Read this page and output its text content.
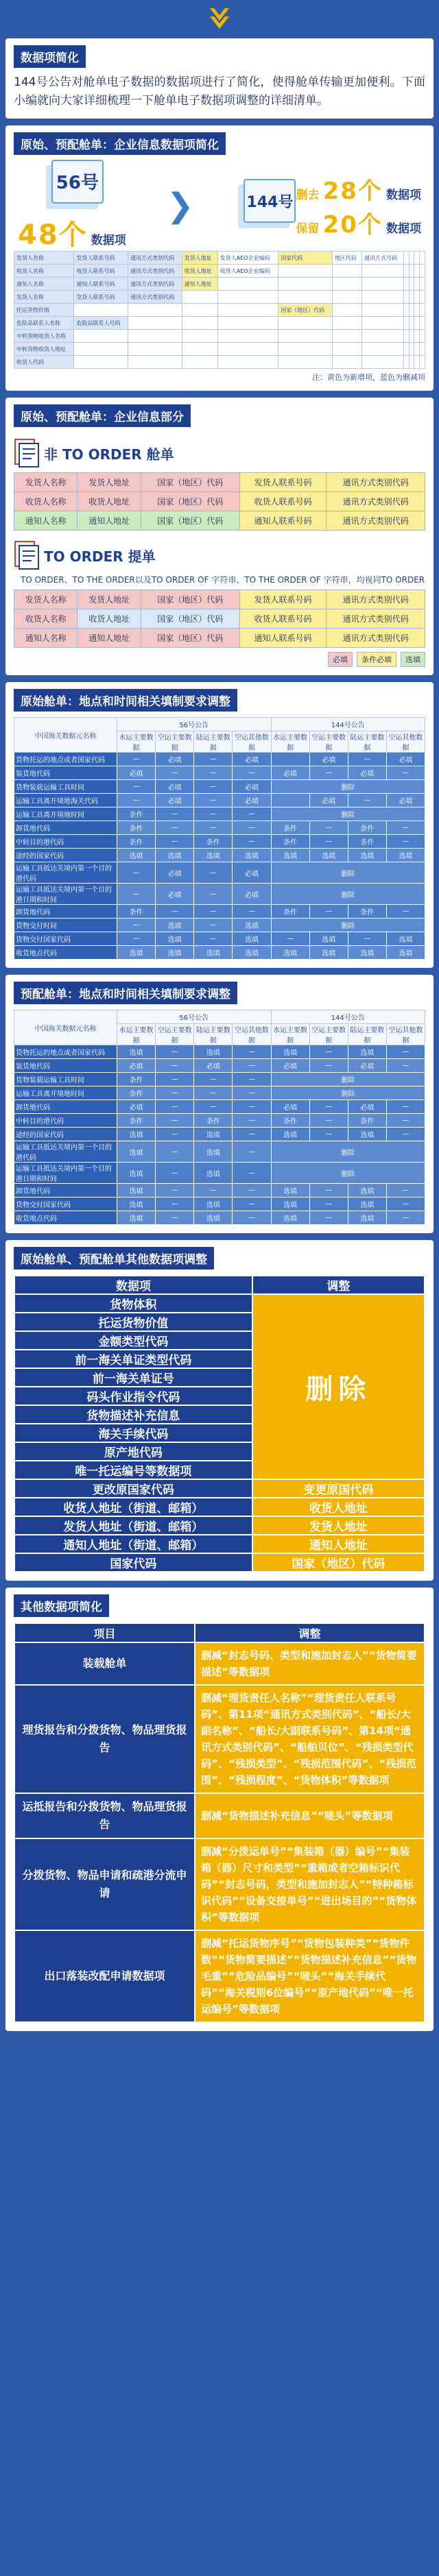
数据项简化
144号公告对舱单电子数据的数据项进行了简化，使得舱单传输更加便利。下面小编就向大家详细梳理一下舱单电子数据项调整的详细清单。
原始、预配舱单：企业信息数据项简化
56号
48个 数据项
❯	144号 删去 28个 数据项
保留 20个 数据项
发货人名称	发货人联系号码	通讯方式类别代码	发货人地址	发货人AEO企业编码	国家代码	地区代码	通讯方式号码				
收货人名称	收货人联系号码	通讯方式类别代码	收货人地址	收货人AEO企业编码							
通知人名称	通知人联系号码	通讯方式类别代码	通知人地址								
发货人名称	发货人联系号码	通讯方式类别代码									
托运货物价值					国家（地区）代码						
危险品联系人名称	危险品联系人号码										
中转货物收货人名称											
中转货物收货人地址											
收货人代码											
注：黄色为新增项，蓝色为删减项
原始、预配舱单：企业信息部分
非 TO ORDER 舱单
发货人名称	发货人地址	国家（地区）代码	发货人联系号码	通讯方式类别代码
收货人名称	收货人地址	国家（地区）代码	收货人联系号码	通讯方式类别代码
通知人名称	通知人地址	国家（地区）代码	通知人联系号码	通讯方式类别代码
TO ORDER 提单
TO ORDER、TO THE ORDER以及TO ORDER OF 字符串、TO THE ORDER OF 字符串，均视同TO ORDER
发货人名称	发货人地址	国家（地区）代码	发货人联系号码	通讯方式类别代码
收货人名称	收货人地址	国家（地区）代码	收货人联系号码	通讯方式类别代码
通知人名称	通知人地址	国家（地区）代码	通知人联系号码	通讯方式类别代码
必填	条件必填	选填
原始舱单：地点和时间相关填制要求调整
中国海关数据元名称	56号公告				144号公告			
	水运主要数据	空运主要数据	陆运主要数据	空运其他数据	水运主要数据	空运主要数据	陆运主要数据	空运其他数据
货物托运的地点或者国家代码	—	必填	—	必填		必填	—	必填
装货地代码	必填	—	—	—	必填	—	必填	—
货物装载运输工具时间	—	必填	—	必填	删除			
运输工具离开境地海关代码	—	必填	—	必填		必填	—	必填
运输工具离开境地时间	条件	—	—	—	删除			
卸货地代码	条件	—	—	—	条件	—	条件	—
中转目的港代码	条件	—	条件	—	条件	—	条件	—
途经的国家代码	选填	选填	选填	选填	选填	选填	选填	选填
运输工具抵达关境内第一个目的港代码	—	必填	—	必填	删除			
运输工具抵达关境内第一个目的港日期和时间	—	必填	—	必填	删除			
卸货地代码	条件	—	—	—	条件	—	条件	—
货物交付时间	—	选填	—	选填	删除			
货物交付国家代码	—	选填	—	选填	—	选填	—	选填
收货地点代码	选填	选填	选填	选填	选填	选填	选填	选填
预配舱单：地点和时间相关填制要求调整
中国海关数据元名称	56号公告				144号公告			
	水运主要数据	空运主要数据	陆运主要数据	空运其他数据	水运主要数据	空运主要数据	陆运主要数据	空运其他数据
货物托运的地点或者国家代码	选填	—	选填	—	选填	—	选填	—
装货地代码	必填	—	必填	—	必填	—	必填	—
货物装载运输工具时间	条件	—	—	—	删除			
运输工具离开境地时间	条件	—	—	—	删除			
卸货地代码	必填	—	—	—	必填	—	必填	—
中转目的港代码	条件	—	条件	—	条件	—	条件	—
途经的国家代码	选填	—	选填	—	选填	—	选填	—
运输工具抵达关境内第一个目的港代码	选填	—	选填	—	删除			
运输工具抵达关境内第一个目的港日期和时间	选填	—	选填	—	删除			
卸货地代码	选填	—	—	—	选填	—	选填	—
货物交付国家代码	选填	—	选填	—	选填	—	选填	—
收货地点代码	选填	—	选填	—	选填	—	选填	—
原始舱单、预配舱单其他数据项调整
数据项	调整
货物体积	删除
托运货物价值	
金额类型代码	
前一海关单证类型代码	
前一海关单证号	
码头作业指令代码	
货物描述补充信息	
海关手续代码	
原产地代码	
唯一托运编号等数据项	
更改原国家代码	变更原国代码
收货人地址（街道、邮箱）	收货人地址
发货人地址（街道、邮箱）	发货人地址
通知人地址（街道、邮箱）	通知人地址
国家代码	国家（地区）代码
其他数据项简化
项目	调整
装载舱单	删减“封志号码、类型和施加封志人”“货物简要描述”等数据项
理货报告和分拨货物、物品理货报告	删减“理货责任人名称”“理货责任人联系号码”、第11项“通讯方式类别代码”、“船长/大副名称”、“船长/大副联系号码”、第14项“通讯方式类别代码”、“船舶贝位”、“残损类型代码”、“残损类型”、“残损范围代码”、“残损范围”、“残损程度”、“货物体积”等数据项
运抵报告和分拨货物、物品理货报告	删减“货物描述补充信息”“唛头”等数据项
分拨货物、物品申请和疏港分流申请	删减“分拨运单号”“集装箱（器）编号”“集装箱（器）尺寸和类型”“重箱或者空箱标识代码”“封志号码，类型和施加封志人”“特种箱标识代码”“设备交接单号”“进出场目的”“货物体积”等数据项
出口落装改配申请数据项	删减“托运货物序号”“货物包装种类”“货物件数”“货物简要描述”“货物描述补充信息”“货物毛重”“危险品编号”“唛头”“海关手续代码”“海关税则6位编号”“原产地代码”“唯一托运编号”等数据项
